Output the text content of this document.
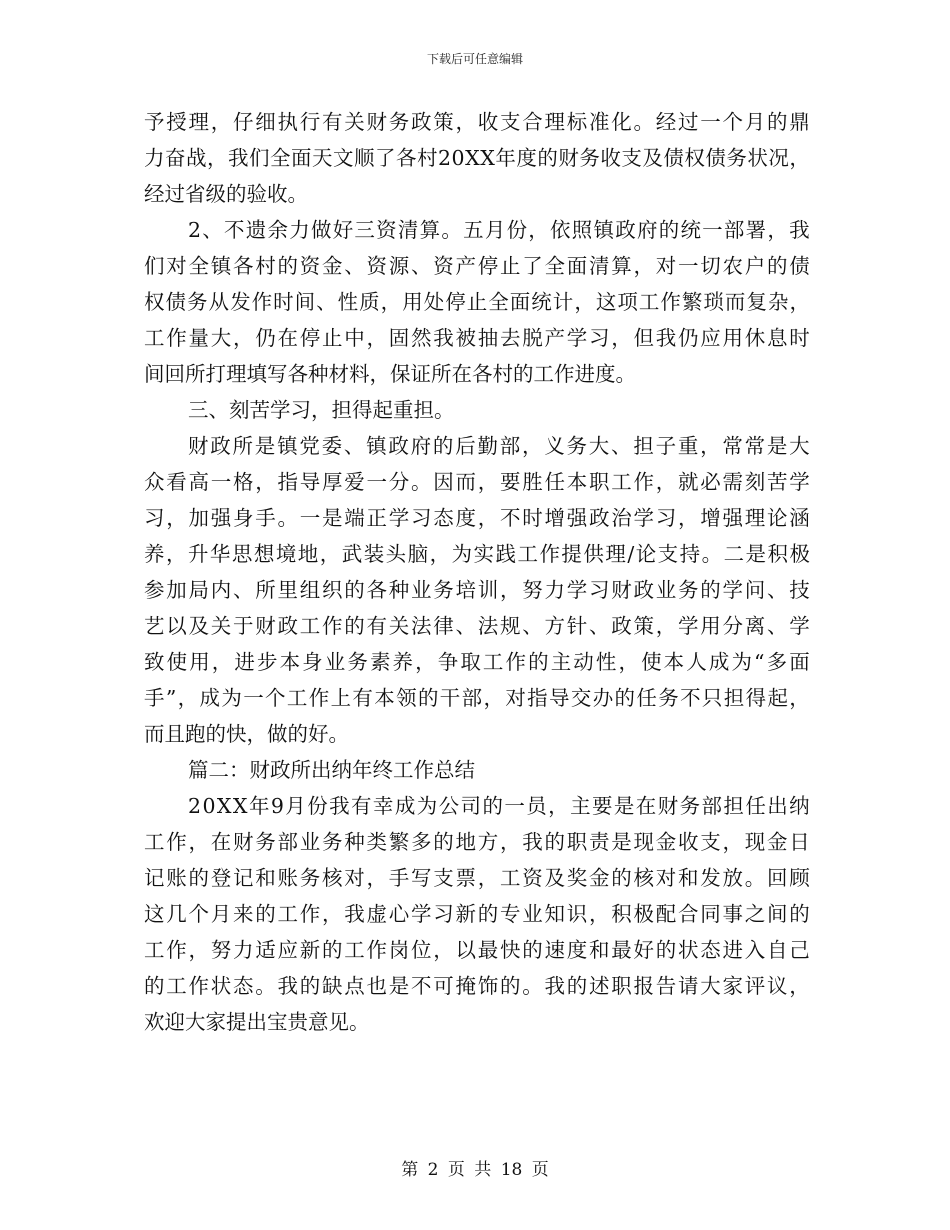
下载后可任意编辑
予 授 理 ， 仔 细 执 行 有 关 财 务 政 策 ， 收 支 合 理 标 准 化 。 经 过 一 个 月 的 鼎
力 奋 战 ， 我 们 全 面 天 文 顺 了 各 村 2 0 X X 年 度 的 财 务 收 支 及 债 权 债 务 状 况 ，
经过省级的验收。
2 、 不 遗 余 力 做 好 三 资 清 算 。 五 月 份 ， 依 照 镇 政 府 的 统 一 部 署 ， 我
们 对 全 镇 各 村 的 资 金 、 资 源 、 资 产 停 止 了 全 面 清 算 ， 对 一 切 农 户 的 债
权 债 务 从 发 作 时 间 、 性 质 ， 用 处 停 止 全 面 统 计 ， 这 项 工 作 繁 琐 而 复 杂 ，
工 作 量 大 ， 仍 在 停 止 中 ， 固 然 我 被 抽 去 脱 产 学 习 ， 但 我 仍 应 用 休 息 时
间回所打理填写各种材料，保证所在各村的工作进度。
三、刻苦学习，担得起重担。
财 政 所 是 镇 党 委 、 镇 政 府 的 后 勤 部 ， 义 务 大 、 担 子 重 ， 常 常 是 大
众 看 高 一 格 ， 指 导 厚 爱 一 分 。 因 而 ， 要 胜 任 本 职 工 作 ， 就 必 需 刻 苦 学
习 ， 加 强 身 手 。 一 是 端 正 学 习 态 度 ， 不 时 增 强 政 治 学 习 ， 增 强 理 论 涵
养 ， 升 华 思 想 境 地 ， 武 装 头 脑 ， 为 实 践 工 作 提 供 理 / 论 支 持 。 二 是 积 极
参 加 局 内 、 所 里 组 织 的 各 种 业 务 培 训 ， 努 力 学 习 财 政 业 务 的 学 问 、 技
艺 以 及 关 于 财 政 工 作 的 有 关 法 律 、 法 规 、 方 针 、 政 策 ， 学 用 分 离 、 学
致 使 用 ， 进 步 本 身 业 务 素 养 ， 争 取 工 作 的 主 动 性 ， 使 本 人 成 为 “ 多 面
手 ” ， 成 为 一 个 工 作 上 有 本 领 的 干 部 ， 对 指 导 交 办 的 任 务 不 只 担 得 起 ，
而且跑的快，做的好。
篇二：财政所出纳年终工作总结
2 0 X X 年 9 月 份 我 有 幸 成 为 公 司 的 一 员 ， 主 要 是 在 财 务 部 担 任 出 纳
工 作 ， 在 财 务 部 业 务 种 类 繁 多 的 地 方 ， 我 的 职 责 是 现 金 收 支 ， 现 金 日
记 账 的 登 记 和 账 务 核 对 ， 手 写 支 票 ， 工 资 及 奖 金 的 核 对 和 发 放 。 回 顾
这 几 个 月 来 的 工 作 ， 我 虚 心 学 习 新 的 专 业 知 识 ， 积 极 配 合 同 事 之 间 的
工 作 ， 努 力 适 应 新 的 工 作 岗 位 ， 以 最 快 的 速 度 和 最 好 的 状 态 进 入 自 己
的 工 作 状 态 。 我 的 缺 点 也 是 不 可 掩 饰 的 。 我 的 述 职 报 告 请 大 家 评 议 ，
欢迎大家提出宝贵意见。
第 2 页 共 18 页
